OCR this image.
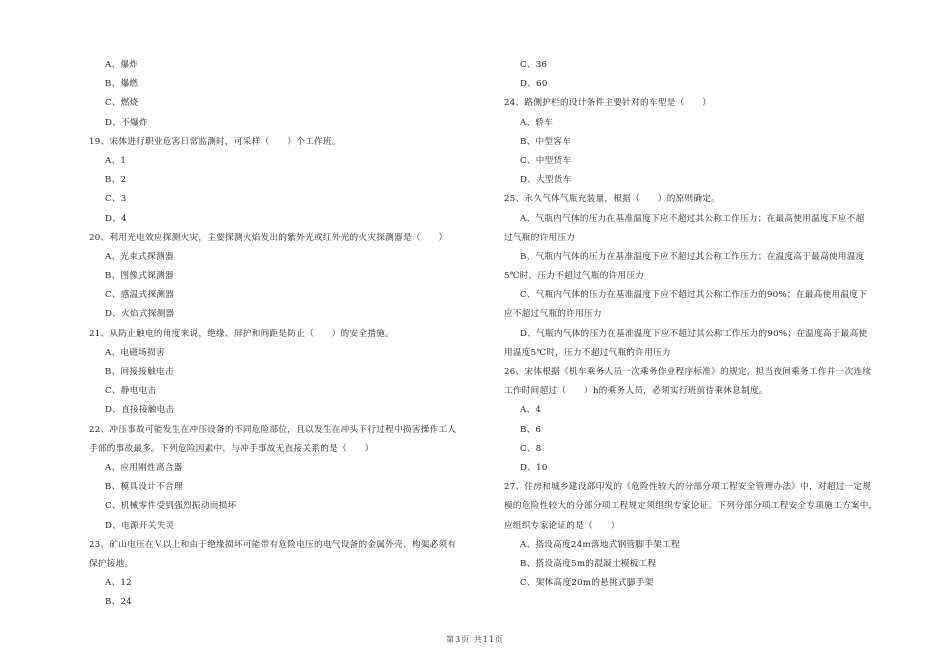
A、爆炸
B、爆燃
C、燃烧
D、不爆炸
19、宋体进行职业危害日常监测时，可采样（　　）个工作班。
A、1
B、2
C、3
D、4
20、利用光电效应探测火灾，主要探测火焰发出的紫外光或红外光的火灾探测器是（　　）
A、光束式探测器
B、图像式探测器
C、感温式探测器
D、火焰式探测器
21、从防止触电的角度来说，绝缘、屏护和间距是防止（　　）的安全措施。
A、电磁场损害
B、间接接触电击
C、静电电击
D、直接接触电击
22、冲压事故可能发生在冲压设备的不同危险部位，且以发生在冲头下行过程中损害操作工人
手部的事故最多。下列危险因素中，与冲手事故无直接关系的是（　　）
A、应用刚性离合器
B、模具设计不合理
C、机械零件受到强烈振动而损坏
D、电源开关失灵
23、矿山电压在Ｖ以上和由于绝缘损坏可能带有危险电压的电气设备的金属外壳、构架必须有
保护接地。
A、12
B、24
C、36
D、60
24、路侧护栏的设计条件主要针对的车型是（　　）
A、轿车
B、中型客车
C、中型货车
D、大型货车
25、永久气体气瓶充装量，根据（　　）的原则确定。
A、气瓶内气体的压力在基准温度下应不超过其公称工作压力；在最高使用温度下应不超
过气瓶的许用压力
B、气瓶内气体的压力在基准温度下应不超过其公称工作压力；在温度高于最高使用温度
5℃时，压力不超过气瓶的许用压力
C、气瓶内气体的压力在基准温度下应不超过其公称工作压力的90%；在最高使用温度下
应不超过气瓶的许用压力
D、气瓶内气体的压力在基准温度下应不超过其公称工作压力的90%；在温度高于最高使
用温度5℃时，压力不超过气瓶的许用压力
26、宋体根据《机车乘务人员一次乘务作业程序标准》的规定，担当夜间乘务工作并一次连续
工作时间超过（　　）h的乘务人员，必须实行班前待乘休息制度。
A、4
B、6
C、8
D、10
27、住房和城乡建设部印发的《危险性较大的分部分项工程安全管理办法》中，对超过一定规
模的危险性较大的分部分项工程规定须组织专家论证。下列分部分项工程安全专项施工方案中，
应组织专家论证的是（　　）
A、搭设高度24m落地式钢管脚手架工程
B、搭设高度5m的混凝土模板工程
C、架体高度20m的悬挑式脚手架
第3页 共11页
